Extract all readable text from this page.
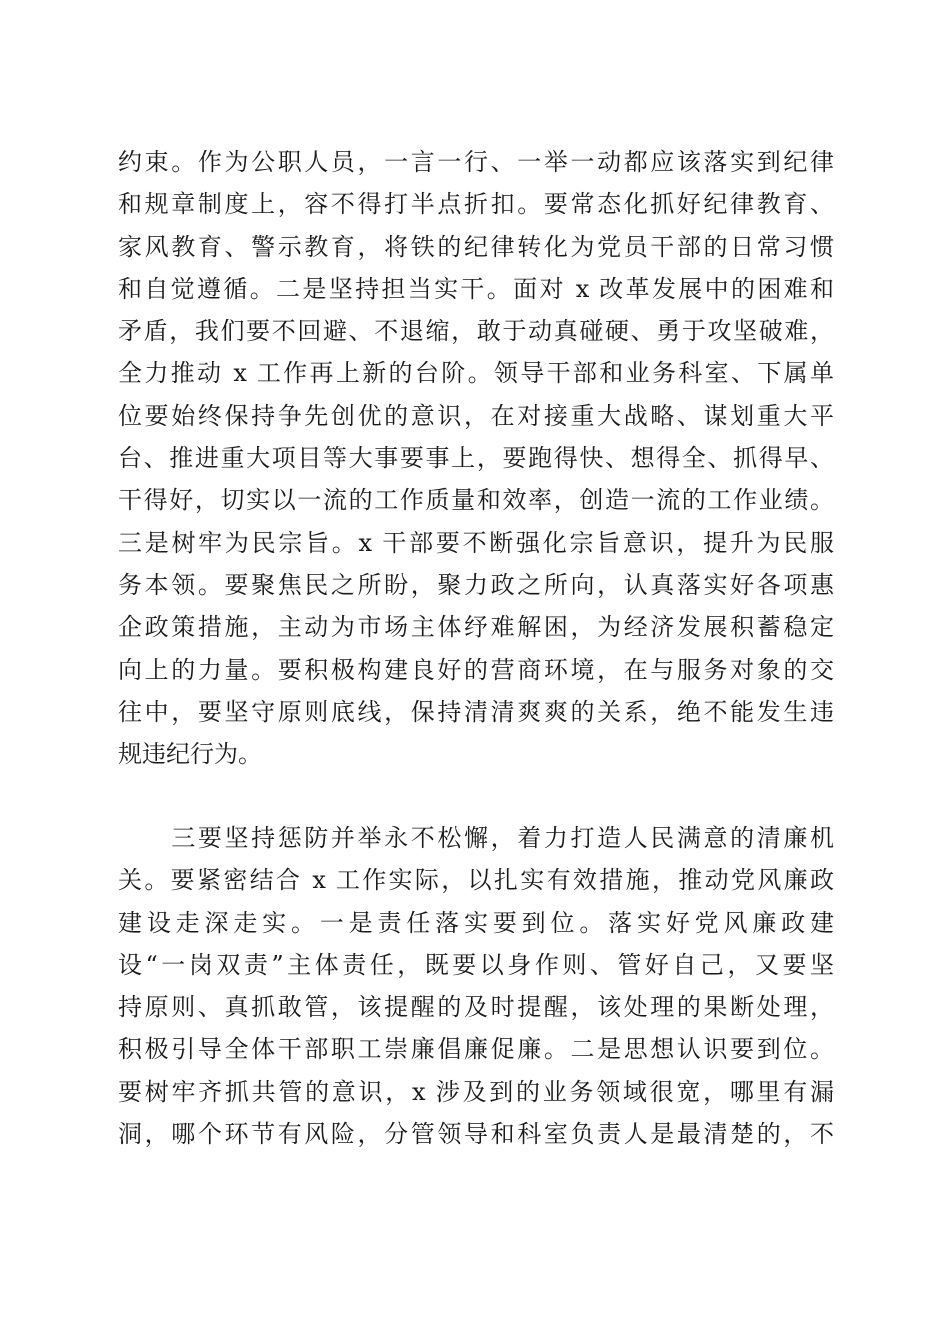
约束。作为公职人员，一言一行、一举一动都应该落实到纪律
和规章制度上，容不得打半点折扣。要常态化抓好纪律教育、
家风教育、警示教育，将铁的纪律转化为党员干部的日常习惯
和自觉遵循。二是坚持担当实干。面对 x 改革发展中的困难和
矛盾，我们要不回避、不退缩，敢于动真碰硬、勇于攻坚破难，
全力推动 x 工作再上新的台阶。领导干部和业务科室、下属单
位要始终保持争先创优的意识，在对接重大战略、谋划重大平
台、推进重大项目等大事要事上，要跑得快、想得全、抓得早、
干得好，切实以一流的工作质量和效率，创造一流的工作业绩。
三是树牢为民宗旨。x 干部要不断强化宗旨意识，提升为民服
务本领。要聚焦民之所盼，聚力政之所向，认真落实好各项惠
企政策措施，主动为市场主体纾难解困，为经济发展积蓄稳定
向上的力量。要积极构建良好的营商环境，在与服务对象的交
往中，要坚守原则底线，保持清清爽爽的关系，绝不能发生违
规违纪行为。
　　三要坚持惩防并举永不松懈，着力打造人民满意的清廉机
关。要紧密结合 x 工作实际，以扎实有效措施，推动党风廉政
建设走深走实。一是责任落实要到位。落实好党风廉政建
设“一岗双责”主体责任，既要以身作则、管好自己，又要坚
持原则、真抓敢管，该提醒的及时提醒，该处理的果断处理，
积极引导全体干部职工崇廉倡廉促廉。二是思想认识要到位。
要树牢齐抓共管的意识，x 涉及到的业务领域很宽，哪里有漏
洞，哪个环节有风险，分管领导和科室负责人是最清楚的，不
